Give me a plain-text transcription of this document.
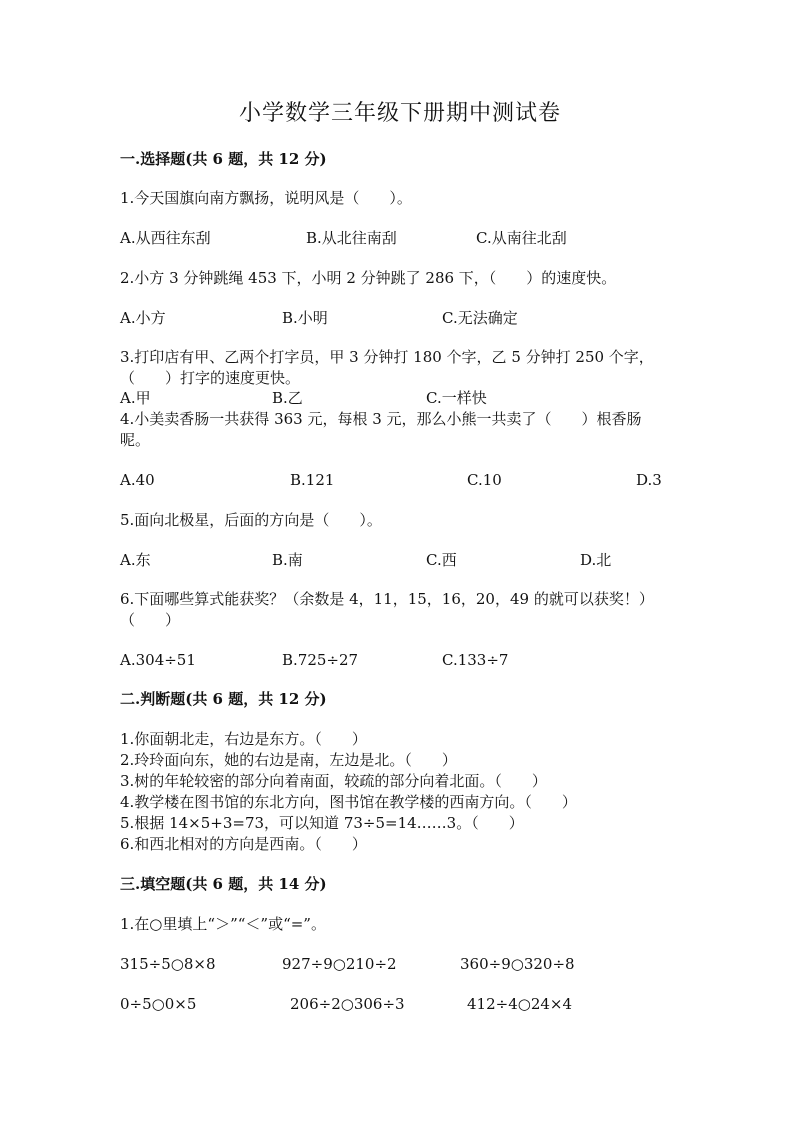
小学数学三年级下册期中测试卷
一.选择题(共 6 题，共 12 分)
1.今天国旗向南方飘扬，说明风是（　　）。
A.从西往东刮	B.从北往南刮	C.从南往北刮
2.小方 3 分钟跳绳 453 下，小明 2 分钟跳了 286 下，（　　）的速度快。
A.小方	B.小明	C.无法确定
3.打印店有甲、乙两个打字员，甲 3 分钟打 180 个字，乙 5 分钟打 250 个字，
（　　）打字的速度更快。
A.甲	B.乙	C.一样快
4.小美卖香肠一共获得 363 元，每根 3 元，那么小熊一共卖了（　　）根香肠
呢。
A.40	B.121	C.10	D.3
5.面向北极星，后面的方向是（　　）。
A.东	B.南	C.西	D.北
6.下面哪些算式能获奖？（余数是 4，11，15，16，20，49 的就可以获奖！）
（　　）
A.304÷51	B.725÷27	C.133÷7
二.判断题(共 6 题，共 12 分)
1.你面朝北走，右边是东方。（　　）
2.玲玲面向东，她的右边是南，左边是北。（　　）
3.树的年轮较密的部分向着南面，较疏的部分向着北面。（　　）
4.教学楼在图书馆的东北方向，图书馆在教学楼的西南方向。（　　）
5.根据 14×5+3=73，可以知道 73÷5=14……3。（　　）
6.和西北相对的方向是西南。（　　）
三.填空题(共 6 题，共 14 分)
1.在○里填上“＞”“＜”或“=”。
315÷5○8×8	927÷9○210÷2	360÷9○320÷8
0÷5○0×5	206÷2○306÷3	412÷4○24×4
